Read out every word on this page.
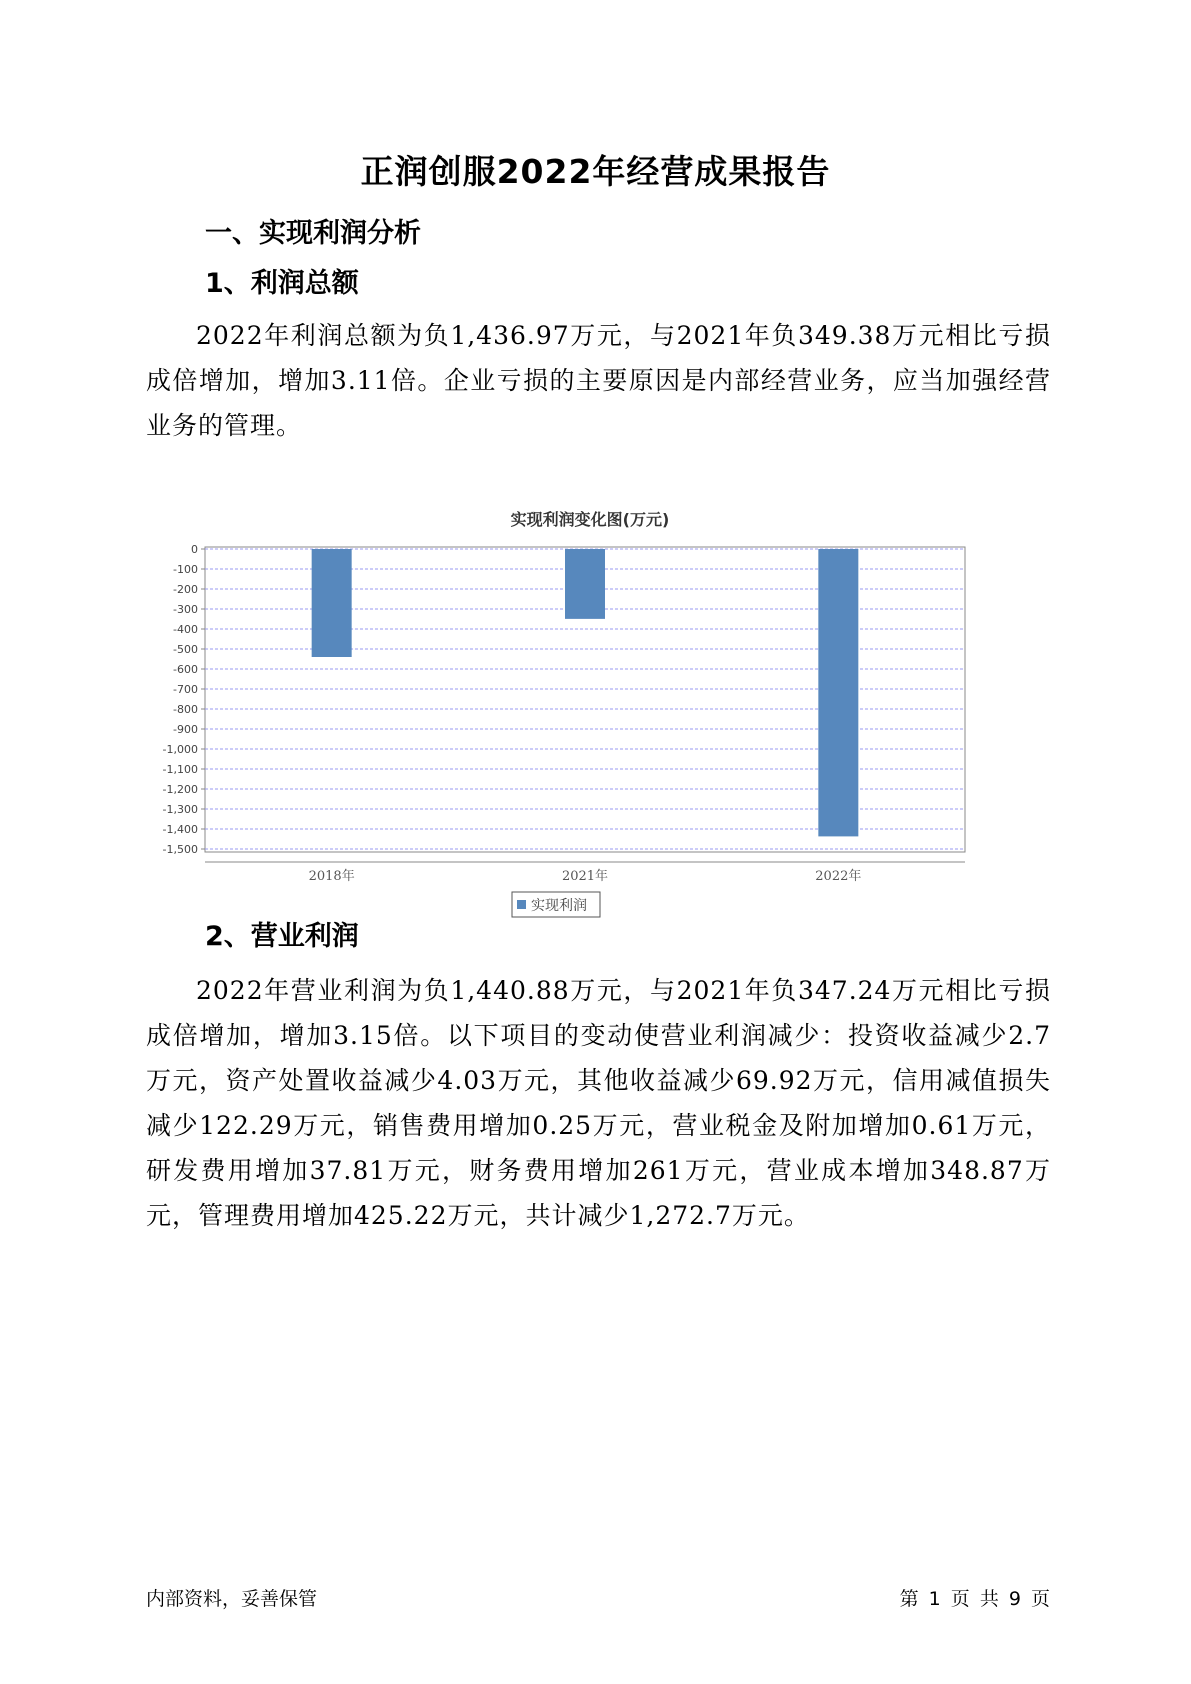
正润创服2022年经营成果报告
一、实现利润分析
1、利润总额

2022年利润总额为负1,436.97万元，与2021年负349.38万元相比亏损成倍增加，增加3.11倍。企业亏损的主要原因是内部经营业务，应当加强经营业务的管理。

实现利润变化图(万元)
0
-100
-200
-300
-400
-500
-600
-700
-800
-900
-1,000
-1,100
-1,200
-1,300
-1,400
-1,500
2018年	2021年	2022年
实现利润
2、营业利润

2022年营业利润为负1,440.88万元，与2021年负347.24万元相比亏损成倍增加，增加3.15倍。以下项目的变动使营业利润减少：投资收益减少2.7万元，资产处置收益减少4.03万元，其他收益减少69.92万元，信用减值损失减少122.29万元，销售费用增加0.25万元，营业税金及附加增加0.61万元，研发费用增加37.81万元，财务费用增加261万元，营业成本增加348.87万元，管理费用增加425.22万元，共计减少1,272.7万元。

内部资料，妥善保管	第 1 页 共 9 页
